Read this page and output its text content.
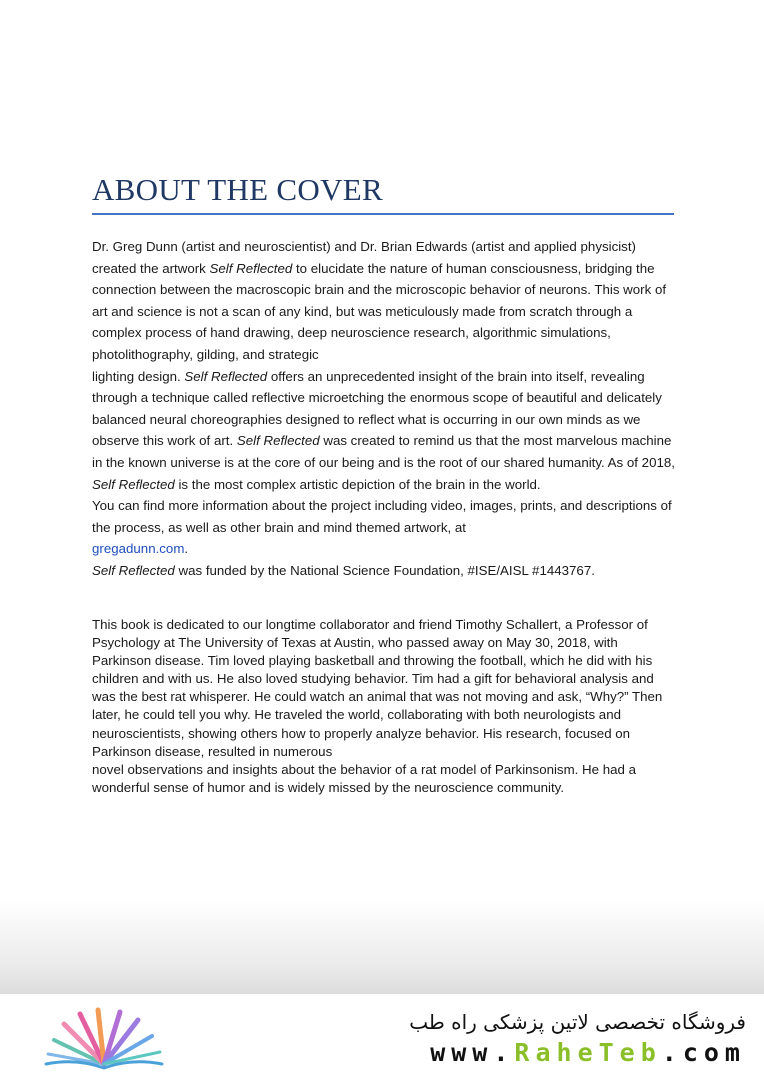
ABOUT THE COVER

Dr. Greg Dunn (artist and neuroscientist) and Dr. Brian Edwards (artist and applied physicist) created the artwork Self Reflected to elucidate the nature of human consciousness, bridging the connection between the macroscopic brain and the microscopic behavior of neurons. This work of art and science is not a scan of any kind, but was meticulously made from scratch through a complex process of hand drawing, deep neuroscience research, algorithmic simulations, photolithography, gilding, and strategic

lighting design. Self Reflected offers an unprecedented insight of the brain into itself, revealing through a technique called reflective microetching the enormous scope of beautiful and delicately balanced neural choreographies designed to reflect what is occurring in our own minds as we observe this work of art. Self Reflected was created to remind us that the most marvelous machine in the known universe is at the core of our being and is the root of our shared humanity. As of 2018, Self Reflected is the most complex artistic depiction of the brain in the world.

You can find more information about the project including video, images, prints, and descriptions of the process, as well as other brain and mind themed artwork, at
gregadunn.com.

Self Reflected was funded by the National Science Foundation, #ISE/AISL #1443767.

This book is dedicated to our longtime collaborator and friend Timothy Schallert, a Professor of Psychology at The University of Texas at Austin, who passed away on May 30, 2018, with Parkinson disease. Tim loved playing basketball and throwing the football, which he did with his children and with us. He also loved studying behavior. Tim had a gift for behavioral analysis and was the best rat whisperer. He could watch an animal that was not moving and ask, “Why?” Then later, he could tell you why. He traveled the world, collaborating with both neurologists and neuroscientists, showing others how to properly analyze behavior. His research, focused on Parkinson disease, resulted in numerous

novel observations and insights about the behavior of a rat model of Parkinsonism. He had a wonderful sense of humor and is widely missed by the neuroscience community.

فروشگاه تخصصی لاتین پزشکی راه طب
www.RaheTeb.com
